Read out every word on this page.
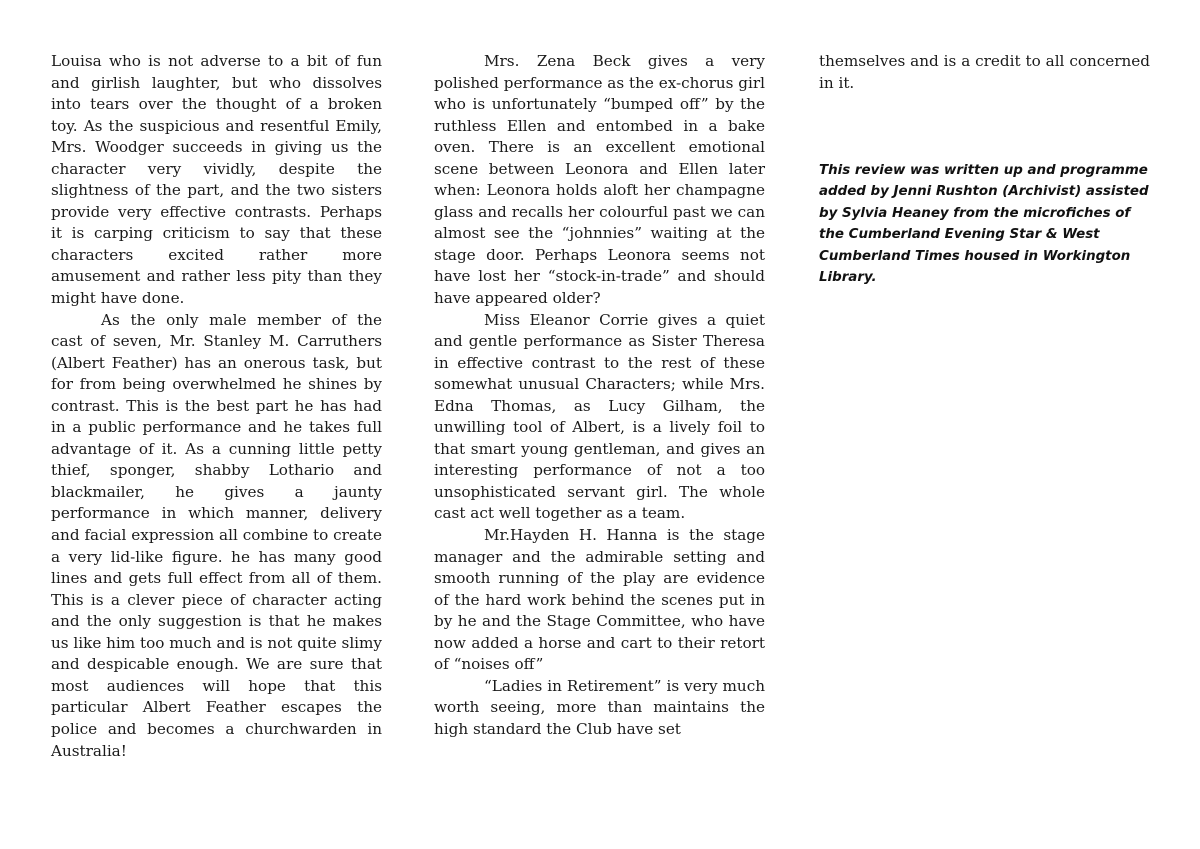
Louisa who is not adverse to a bit of fun and girlish laughter, but who dissolves into tears over the thought of a broken toy. As the suspicious and resentful Emily, Mrs. Woodger succeeds in giving us the character very vividly, despite the slightness of the part, and the two sisters provide very effective contrasts. Perhaps it is carping criticism to say that these characters excited rather more amusement and rather less pity than they might have done.

As the only male member of the cast of seven, Mr. Stanley M. Carruthers (Albert Feather) has an onerous task, but for from being overwhelmed he shines by contrast. This is the best part he has had in a public performance and he takes full advantage of it. As a cunning little petty thief, sponger, shabby Lothario and blackmailer, he gives a jaunty performance in which manner, delivery and facial expression all combine to create a very lid-like figure. he has many good lines and gets full effect from all of them. This is a clever piece of character acting and the only suggestion is that he makes us like him too much and is not quite slimy and despicable enough. We are sure that most audiences will hope that this particular Albert Feather escapes the police and becomes a churchwarden in Australia!

Mrs. Zena Beck gives a very polished performance as the ex-chorus girl who is unfortunately “bumped off” by the ruthless Ellen and entombed in a bake oven. There is an excellent emotional scene between Leonora and Ellen later when: Leonora holds aloft her champagne glass and recalls her colourful past we can almost see the “johnnies” waiting at the stage door. Perhaps Leonora seems not have lost her “stock-in-trade” and should have appeared older?

Miss Eleanor Corrie gives a quiet and gentle performance as Sister Theresa in effective contrast to the rest of these somewhat unusual Characters; while Mrs. Edna Thomas, as Lucy Gilham, the unwilling tool of Albert, is a lively foil to that smart young gentleman, and gives an interesting performance of not a too unsophisticated servant girl. The whole cast act well together as a team.

Mr.Hayden H. Hanna is the stage manager and the admirable setting and smooth running of the play are evidence of the hard work behind the scenes put in by he and the Stage Committee, who have now added a horse and cart to their retort of “noises off”

“Ladies in Retirement” is very much worth seeing, more than maintains the high standard the Club have set

themselves and is a credit to all concerned in it.

This review was written up and programme added by Jenni Rushton (Archivist) assisted by Sylvia Heaney from the microfiches of the Cumberland Evening Star & West Cumberland Times housed in Workington Library.
